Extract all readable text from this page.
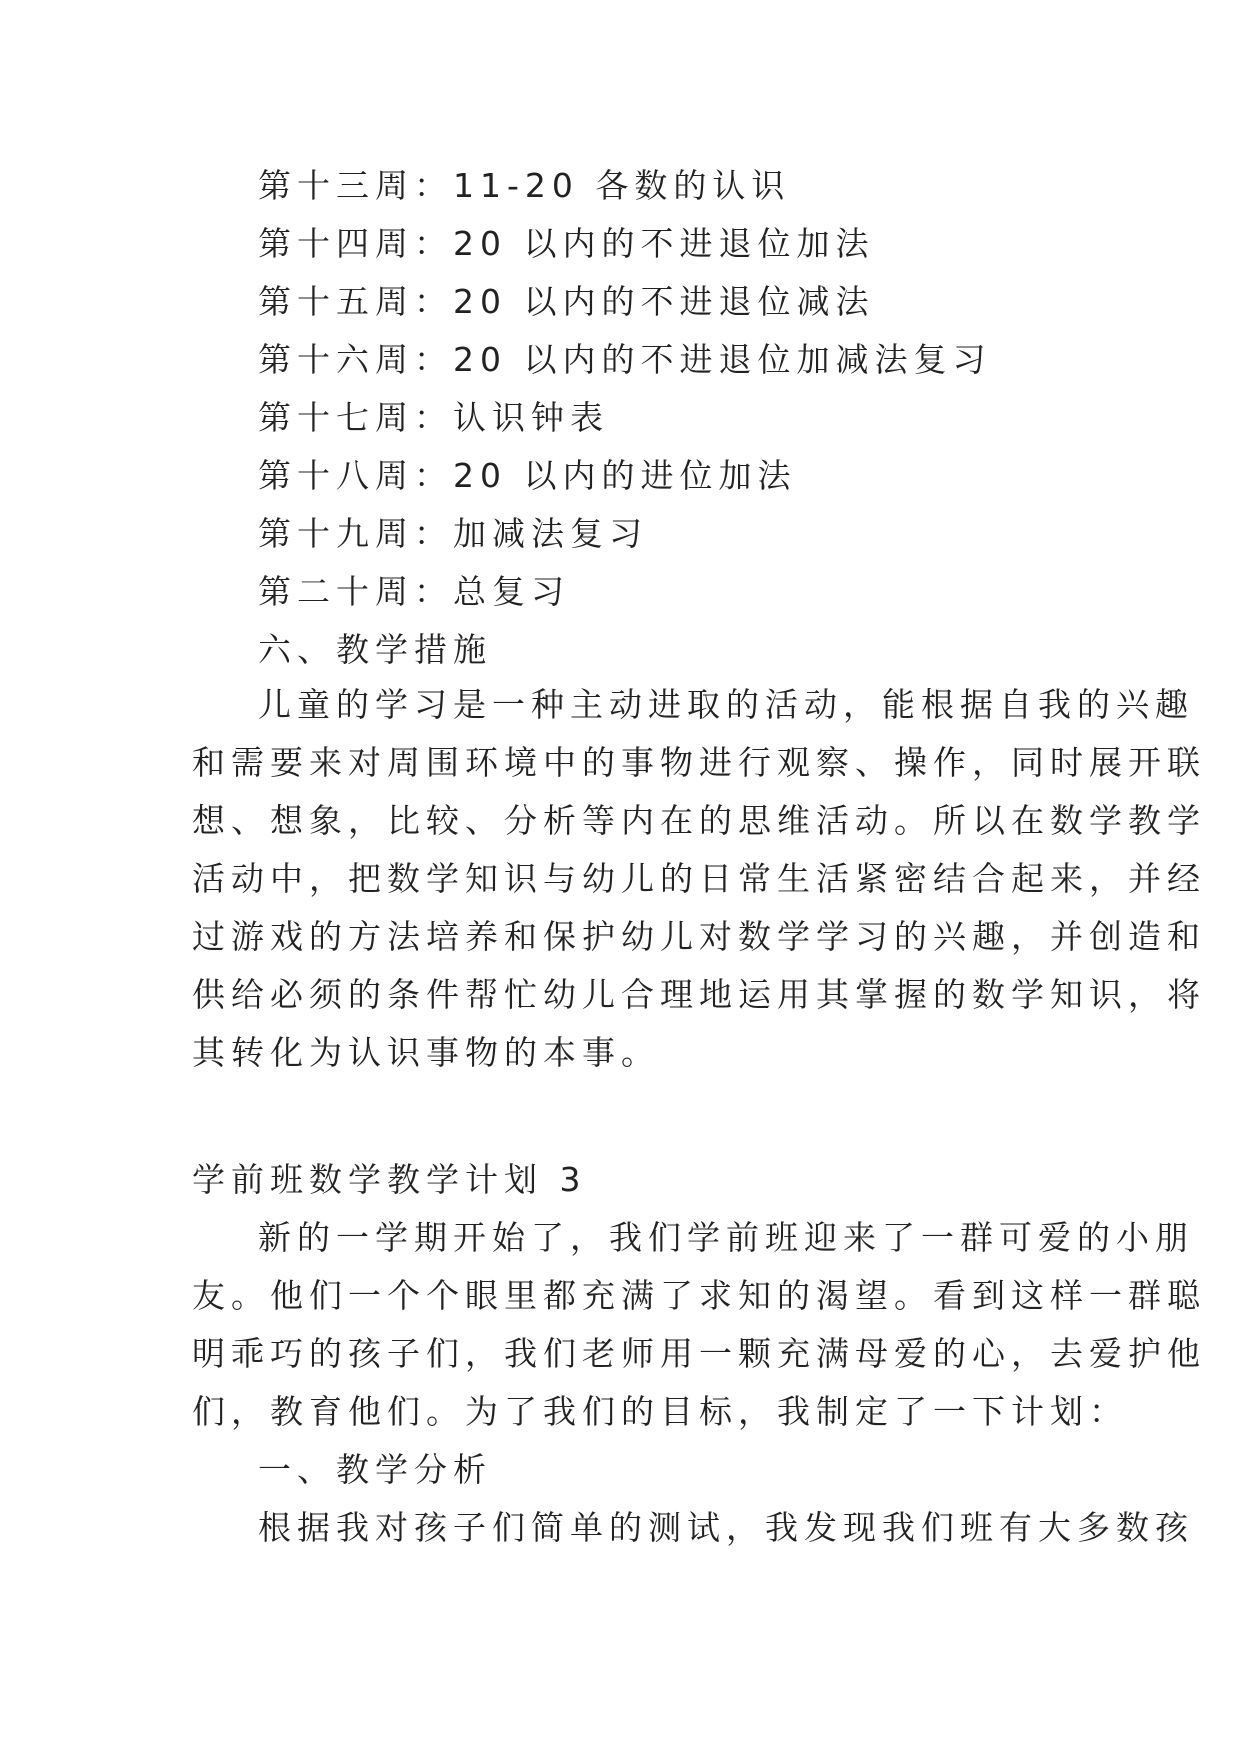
第十三周：11-20 各数的认识
第十四周：20 以内的不进退位加法
第十五周：20 以内的不进退位减法
第十六周：20 以内的不进退位加减法复习
第十七周：认识钟表
第十八周：20 以内的进位加法
第十九周：加减法复习
第二十周：总复习
六、教学措施
儿童的学习是一种主动进取的活动，能根据自我的兴趣
和需要来对周围环境中的事物进行观察、操作，同时展开联
想、想象，比较、分析等内在的思维活动。所以在数学教学
活动中，把数学知识与幼儿的日常生活紧密结合起来，并经
过游戏的方法培养和保护幼儿对数学学习的兴趣，并创造和
供给必须的条件帮忙幼儿合理地运用其掌握的数学知识，将
其转化为认识事物的本事。
学前班数学教学计划 3
新的一学期开始了，我们学前班迎来了一群可爱的小朋
友。他们一个个眼里都充满了求知的渴望。看到这样一群聪
明乖巧的孩子们，我们老师用一颗充满母爱的心，去爱护他
们，教育他们。为了我们的目标，我制定了一下计划：
一、教学分析
根据我对孩子们简单的测试，我发现我们班有大多数孩
